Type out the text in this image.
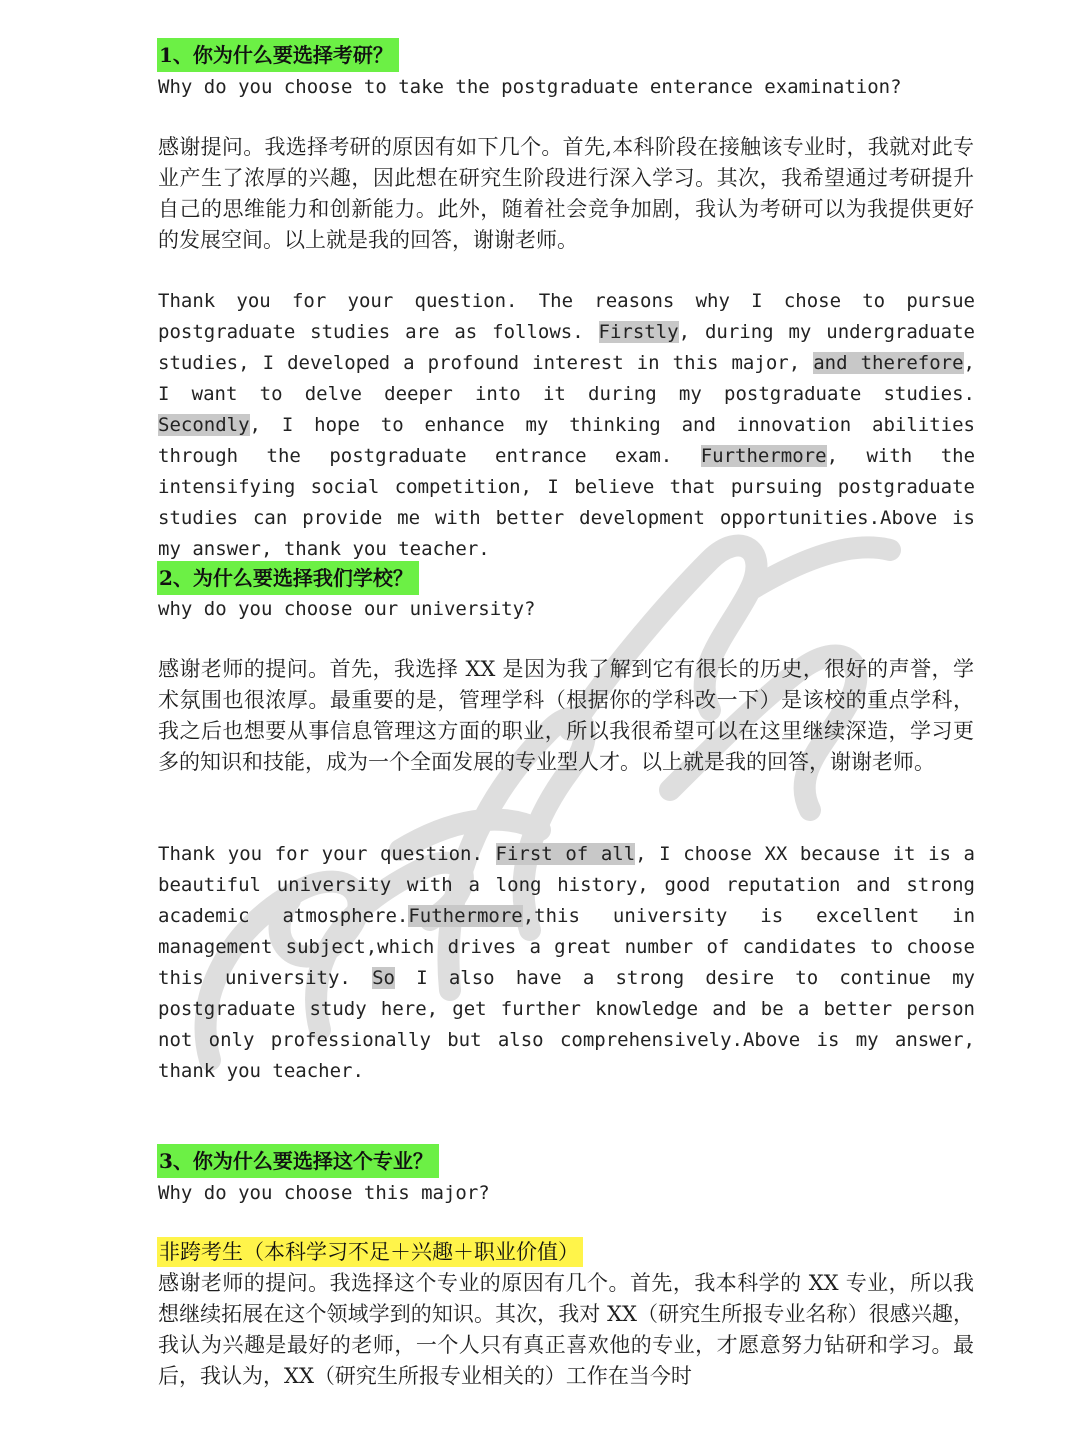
1、你为什么要选择考研？
Why do you choose to take the postgraduate enterance examination?

感谢提问。我选择考研的原因有如下几个。首先,本科阶段在接触该专业时，我就对此专业产生了浓厚的兴趣，因此想在研究生阶段进行深入学习。其次，我希望通过考研提升自己的思维能力和创新能力。此外，随着社会竞争加剧，我认为考研可以为我提供更好的发展空间。以上就是我的回答，谢谢老师。

Thank you for your question. The reasons why I chose to pursue postgraduate studies are as follows. Firstly, during my undergraduate studies, I developed a profound interest in this major, and therefore, I want to delve deeper into it during my postgraduate studies. Secondly, I hope to enhance my thinking and innovation abilities through the postgraduate entrance exam. Furthermore, with the intensifying social competition, I believe that pursuing postgraduate studies can provide me with better development opportunities.Above is my answer, thank you teacher.

2、为什么要选择我们学校？
why do you choose our university?

感谢老师的提问。首先，我选择 XX 是因为我了解到它有很长的历史，很好的声誉，学术氛围也很浓厚。最重要的是，管理学科（根据你的学科改一下）是该校的重点学科，我之后也想要从事信息管理这方面的职业，所以我很希望可以在这里继续深造，学习更多的知识和技能，成为一个全面发展的专业型人才。以上就是我的回答，谢谢老师。

Thank you for your question. First of all, I choose XX because it is a beautiful university with a long history, good reputation and strong academic atmosphere.Futhermore,this university is excellent in management subject,which drives a great number of candidates to choose this university. So I also have a strong desire to continue my postgraduate study here, get further knowledge and be a better person not only professionally but also comprehensively.Above is my answer, thank you teacher.

3、你为什么要选择这个专业？
Why do you choose this major?
非跨考生（本科学习不足＋兴趣＋职业价值）

感谢老师的提问。我选择这个专业的原因有几个。首先，我本科学的 XX 专业，所以我想继续拓展在这个领域学到的知识。其次，我对 XX（研究生所报专业名称）很感兴趣，我认为兴趣是最好的老师，一个人只有真正喜欢他的专业，才愿意努力钻研和学习。最后，我认为，XX（研究生所报专业相关的）工作在当今时
